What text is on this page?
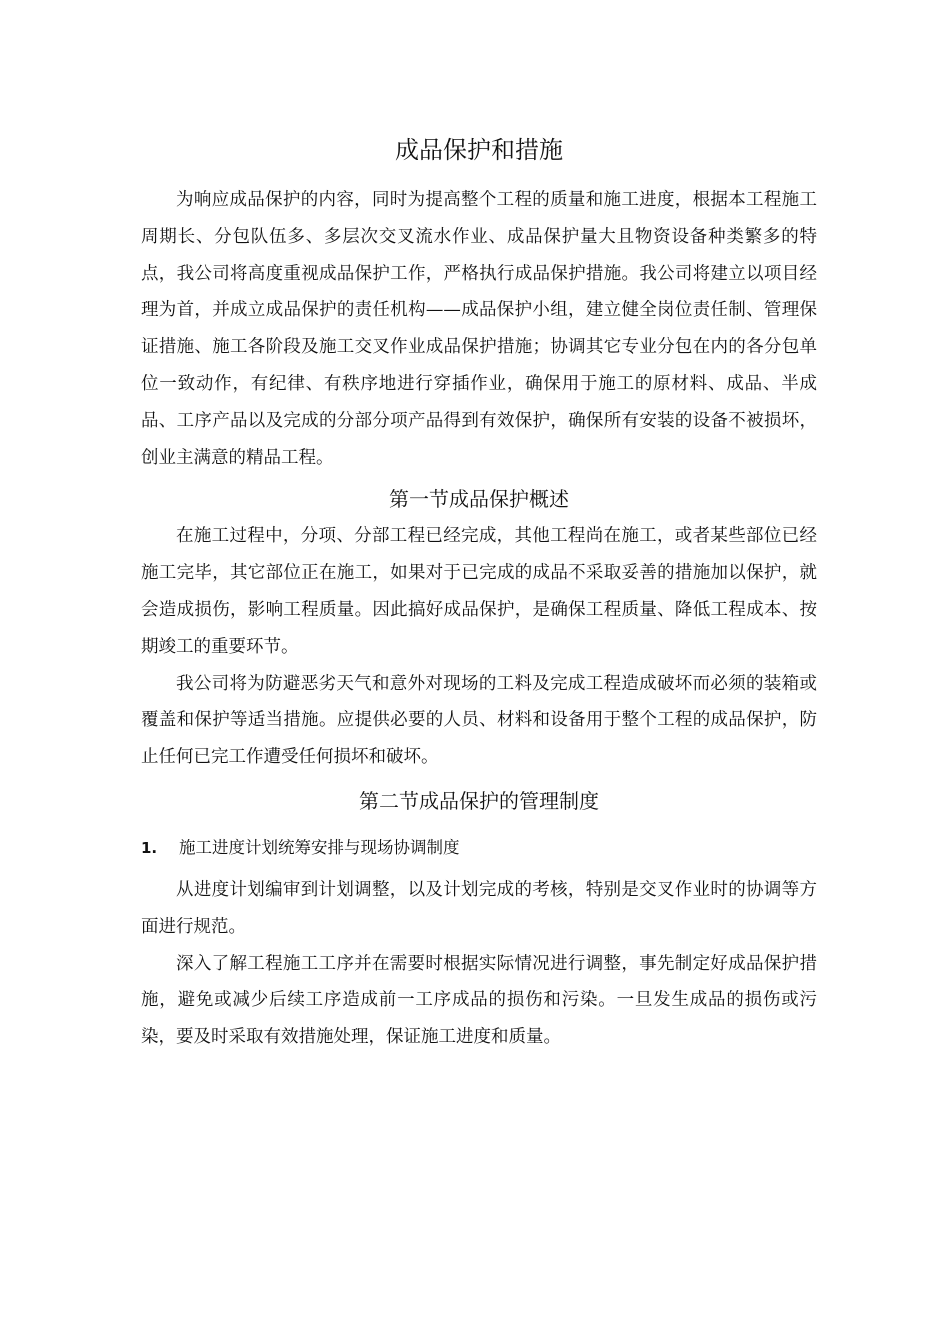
成品保护和措施

为响应成品保护的内容，同时为提高整个工程的质量和施工进度，根据本工程施工周期长、分包队伍多、多层次交叉流水作业、成品保护量大且物资设备种类繁多的特点，我公司将高度重视成品保护工作，严格执行成品保护措施。我公司将建立以项目经理为首，并成立成品保护的责任机构——成品保护小组，建立健全岗位责任制、管理保证措施、施工各阶段及施工交叉作业成品保护措施；协调其它专业分包在内的各分包单位一致动作，有纪律、有秩序地进行穿插作业，确保用于施工的原材料、成品、半成品、工序产品以及完成的分部分项产品得到有效保护，确保所有安装的设备不被损坏，创业主满意的精品工程。

第一节成品保护概述

在施工过程中，分项、分部工程已经完成，其他工程尚在施工，或者某些部位已经施工完毕，其它部位正在施工，如果对于已完成的成品不采取妥善的措施加以保护，就会造成损伤，影响工程质量。因此搞好成品保护，是确保工程质量、降低工程成本、按期竣工的重要环节。

我公司将为防避恶劣天气和意外对现场的工料及完成工程造成破坏而必须的装箱或覆盖和保护等适当措施。应提供必要的人员、材料和设备用于整个工程的成品保护，防止任何已完工作遭受任何损坏和破坏。

第二节成品保护的管理制度
1.	施工进度计划统筹安排与现场协调制度

从进度计划编审到计划调整，以及计划完成的考核，特别是交叉作业时的协调等方面进行规范。

深入了解工程施工工序并在需要时根据实际情况进行调整，事先制定好成品保护措施，避免或减少后续工序造成前一工序成品的损伤和污染。一旦发生成品的损伤或污染，要及时采取有效措施处理，保证施工进度和质量。
